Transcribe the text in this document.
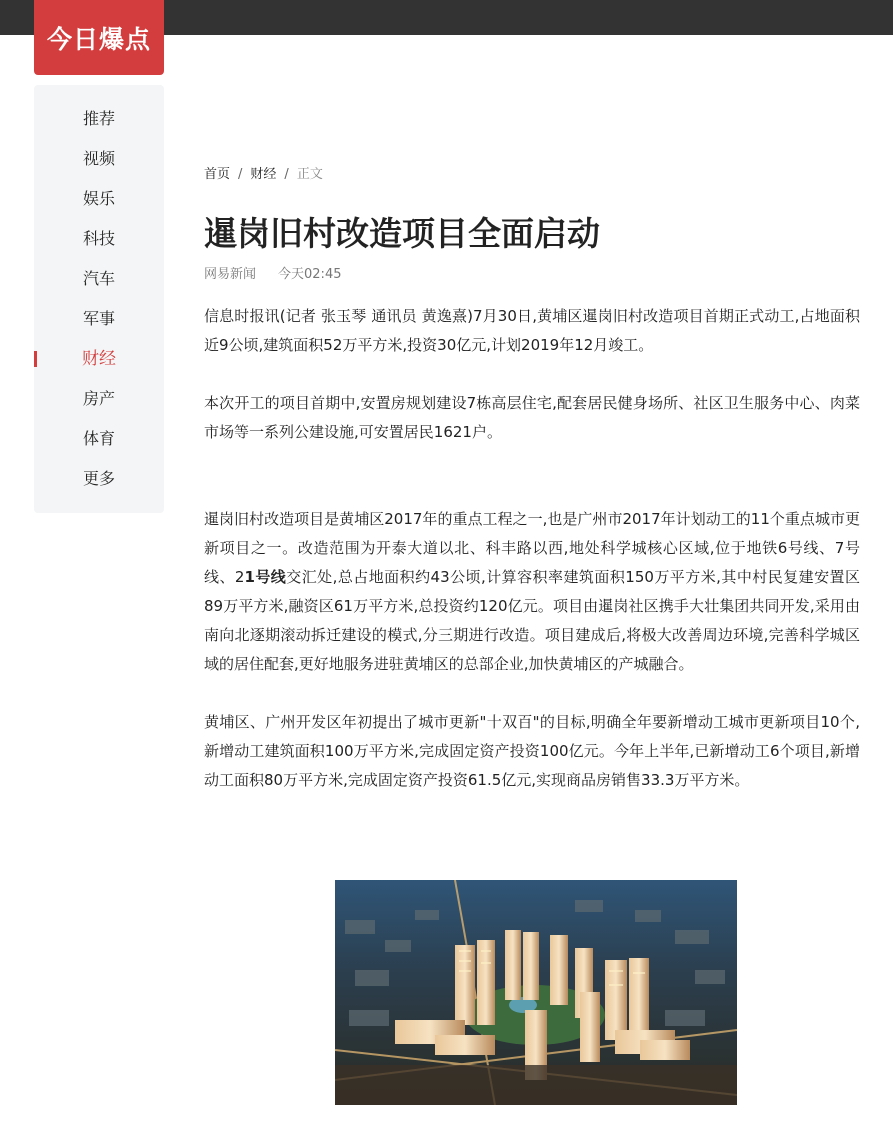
今日爆点
推荐
视频
娱乐
科技
汽车
军事
财经
房产
体育
更多
首页 / 财经 / 正文
暹岗旧村改造项目全面启动
网易新闻 今天02:45

信息时报讯(记者 张玉琴 通讯员 黄逸熹)7月30日,黄埔区暹岗旧村改造项目首期正式动工,占地面积近9公顷,建筑面积52万平方米,投资30亿元,计划2019年12月竣工。

本次开工的项目首期中,安置房规划建设7栋高层住宅,配套居民健身场所、社区卫生服务中心、肉菜市场等一系列公建设施,可安置居民1621户。

暹岗旧村改造项目是黄埔区2017年的重点工程之一,也是广州市2017年计划动工的11个重点城市更新项目之一。改造范围为开泰大道以北、科丰路以西,地处科学城核心区域,位于地铁6号线、7号线、21号线交汇处,总占地面积约43公顷,计算容积率建筑面积150万平方米,其中村民复建安置区89万平方米,融资区61万平方米,总投资约120亿元。项目由暹岗社区携手大壮集团共同开发,采用由南向北逐期滚动拆迁建设的模式,分三期进行改造。项目建成后,将极大改善周边环境,完善科学城区域的居住配套,更好地服务进驻黄埔区的总部企业,加快黄埔区的产城融合。

黄埔区、广州开发区年初提出了城市更新"十双百"的目标,明确全年要新增动工城市更新项目10个,新增动工建筑面积100万平方米,完成固定资产投资100亿元。今年上半年,已新增动工6个项目,新增动工面积80万平方米,完成固定资产投资61.5亿元,实现商品房销售33.3万平方米。
